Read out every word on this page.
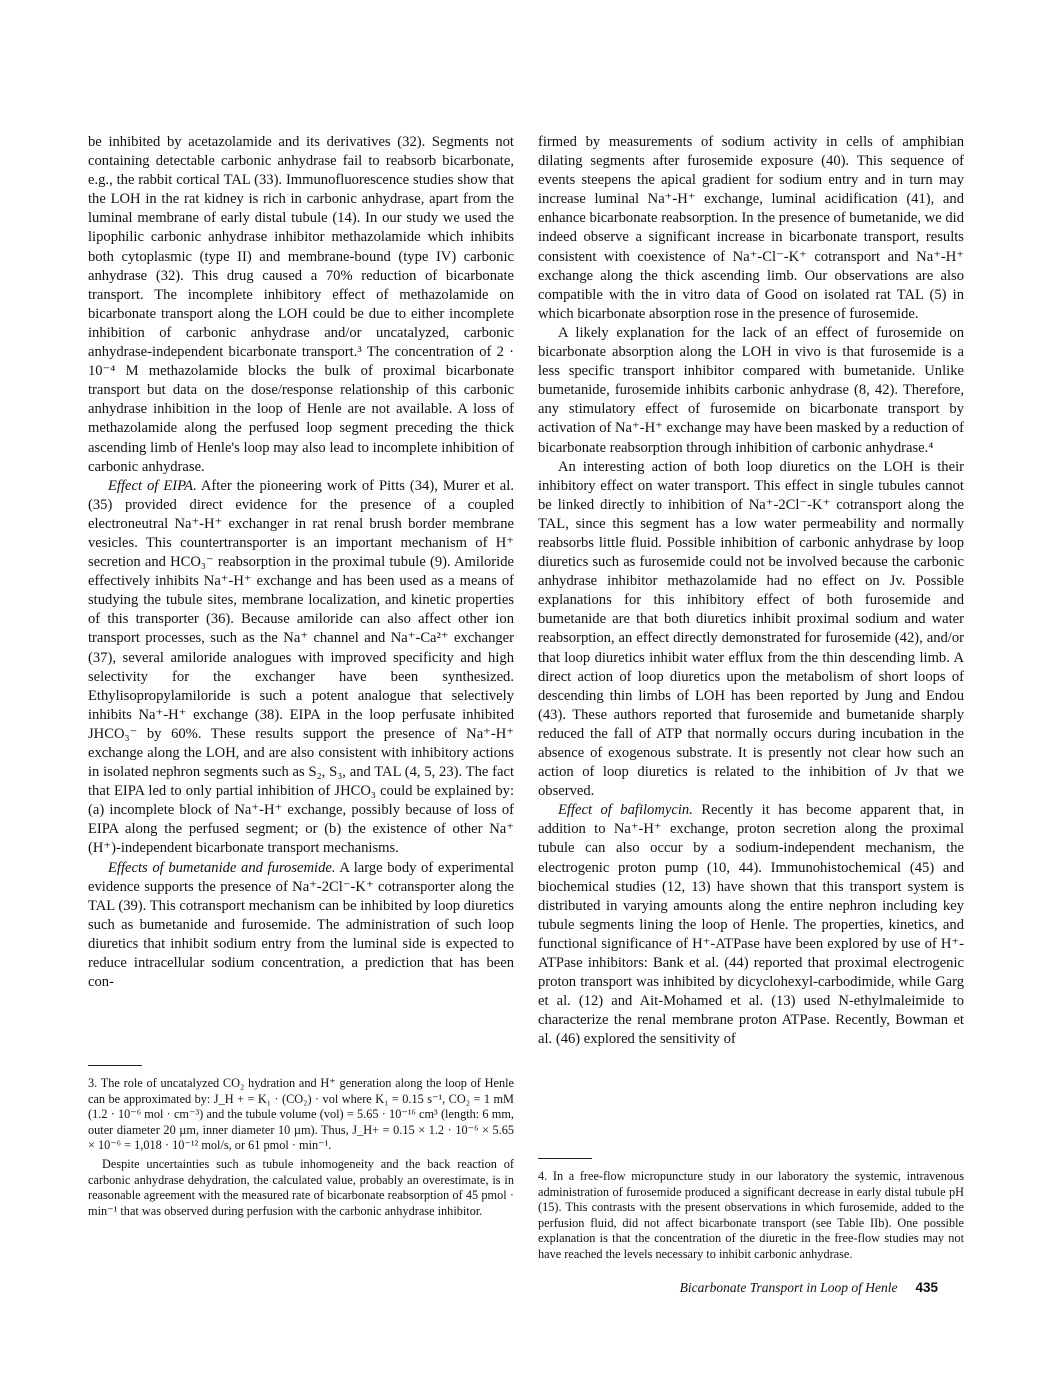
be inhibited by acetazolamide and its derivatives (32). Segments not containing detectable carbonic anhydrase fail to reabsorb bicarbonate, e.g., the rabbit cortical TAL (33). Immunofluorescence studies show that the LOH in the rat kidney is rich in carbonic anhydrase, apart from the luminal membrane of early distal tubule (14). In our study we used the lipophilic carbonic anhydrase inhibitor methazolamide which inhibits both cytoplasmic (type II) and membrane-bound (type IV) carbonic anhydrase (32). This drug caused a 70% reduction of bicarbonate transport. The incomplete inhibitory effect of methazolamide on bicarbonate transport along the LOH could be due to either incomplete inhibition of carbonic anhydrase and/or uncatalyzed, carbonic anhydrase-independent bicarbonate transport.³ The concentration of 2 · 10⁻⁴ M methazolamide blocks the bulk of proximal bicarbonate transport but data on the dose/response relationship of this carbonic anhydrase inhibition in the loop of Henle are not available. A loss of methazolamide along the perfused loop segment preceding the thick ascending limb of Henle's loop may also lead to incomplete inhibition of carbonic anhydrase.

Effect of EIPA. After the pioneering work of Pitts (34), Murer et al. (35) provided direct evidence for the presence of a coupled electroneutral Na⁺-H⁺ exchanger in rat renal brush border membrane vesicles. This countertransporter is an important mechanism of H⁺ secretion and HCO₃⁻ reabsorption in the proximal tubule (9). Amiloride effectively inhibits Na⁺-H⁺ exchange and has been used as a means of studying the tubule sites, membrane localization, and kinetic properties of this transporter (36). Because amiloride can also affect other ion transport processes, such as the Na⁺ channel and Na⁺-Ca²⁺ exchanger (37), several amiloride analogues with improved specificity and high selectivity for the exchanger have been synthesized. Ethylisopropylamiloride is such a potent analogue that selectively inhibits Na⁺-H⁺ exchange (38). EIPA in the loop perfusate inhibited JHCO₃⁻ by 60%. These results support the presence of Na⁺-H⁺ exchange along the LOH, and are also consistent with inhibitory actions in isolated nephron segments such as S₂, S₃, and TAL (4, 5, 23). The fact that EIPA led to only partial inhibition of JHCO₃ could be explained by: (a) incomplete block of Na⁺-H⁺ exchange, possibly because of loss of EIPA along the perfused segment; or (b) the existence of other Na⁺ (H⁺)-independent bicarbonate transport mechanisms.

Effects of bumetanide and furosemide. A large body of experimental evidence supports the presence of Na⁺-2Cl⁻-K⁺ cotransporter along the TAL (39). This cotransport mechanism can be inhibited by loop diuretics such as bumetanide and furosemide. The administration of such loop diuretics that inhibit sodium entry from the luminal side is expected to reduce intracellular sodium concentration, a prediction that has been con-

firmed by measurements of sodium activity in cells of amphibian dilating segments after furosemide exposure (40). This sequence of events steepens the apical gradient for sodium entry and in turn may increase luminal Na⁺-H⁺ exchange, luminal acidification (41), and enhance bicarbonate reabsorption. In the presence of bumetanide, we did indeed observe a significant increase in bicarbonate transport, results consistent with coexistence of Na⁺-Cl⁻-K⁺ cotransport and Na⁺-H⁺ exchange along the thick ascending limb. Our observations are also compatible with the in vitro data of Good on isolated rat TAL (5) in which bicarbonate absorption rose in the presence of furosemide.

A likely explanation for the lack of an effect of furosemide on bicarbonate absorption along the LOH in vivo is that furosemide is a less specific transport inhibitor compared with bumetanide. Unlike bumetanide, furosemide inhibits carbonic anhydrase (8, 42). Therefore, any stimulatory effect of furosemide on bicarbonate transport by activation of Na⁺-H⁺ exchange may have been masked by a reduction of bicarbonate reabsorption through inhibition of carbonic anhydrase.⁴

An interesting action of both loop diuretics on the LOH is their inhibitory effect on water transport. This effect in single tubules cannot be linked directly to inhibition of Na⁺-2Cl⁻-K⁺ cotransport along the TAL, since this segment has a low water permeability and normally reabsorbs little fluid. Possible inhibition of carbonic anhydrase by loop diuretics such as furosemide could not be involved because the carbonic anhydrase inhibitor methazolamide had no effect on Jv. Possible explanations for this inhibitory effect of both furosemide and bumetanide are that both diuretics inhibit proximal sodium and water reabsorption, an effect directly demonstrated for furosemide (42), and/or that loop diuretics inhibit water efflux from the thin descending limb. A direct action of loop diuretics upon the metabolism of short loops of descending thin limbs of LOH has been reported by Jung and Endou (43). These authors reported that furosemide and bumetanide sharply reduced the fall of ATP that normally occurs during incubation in the absence of exogenous substrate. It is presently not clear how such an action of loop diuretics is related to the inhibition of Jv that we observed.

Effect of bafilomycin. Recently it has become apparent that, in addition to Na⁺-H⁺ exchange, proton secretion along the proximal tubule can also occur by a sodium-independent mechanism, the electrogenic proton pump (10, 44). Immunohistochemical (45) and biochemical studies (12, 13) have shown that this transport system is distributed in varying amounts along the entire nephron including key tubule segments lining the loop of Henle. The properties, kinetics, and functional significance of H⁺-ATPase have been explored by use of H⁺-ATPase inhibitors: Bank et al. (44) reported that proximal electrogenic proton transport was inhibited by dicyclohexyl-carbodimide, while Garg et al. (12) and Ait-Mohamed et al. (13) used N-ethylmaleimide to characterize the renal membrane proton ATPase. Recently, Bowman et al. (46) explored the sensitivity of

3. The role of uncatalyzed CO₂ hydration and H⁺ generation along the loop of Henle can be approximated by: J_H + = K₁ · (CO₂) · vol where K₁ = 0.15 s⁻¹, CO₂ = 1 mM (1.2 · 10⁻⁶ mol · cm⁻³) and the tubule volume (vol) = 5.65 · 10⁻¹⁶ cm³ (length: 6 mm, outer diameter 20 µm, inner diameter 10 µm). Thus, J_H+ = 0.15 × 1.2 · 10⁻⁶ × 5.65 × 10⁻⁶ = 1,018 · 10⁻¹² mol/s, or 61 pmol · min⁻¹.

Despite uncertainties such as tubule inhomogeneity and the back reaction of carbonic anhydrase dehydration, the calculated value, probably an overestimate, is in reasonable agreement with the measured rate of bicarbonate reabsorption of 45 pmol · min⁻¹ that was observed during perfusion with the carbonic anhydrase inhibitor.

4. In a free-flow micropuncture study in our laboratory the systemic, intravenous administration of furosemide produced a significant decrease in early distal tubule pH (15). This contrasts with the present observations in which furosemide, added to the perfusion fluid, did not affect bicarbonate transport (see Table IIb). One possible explanation is that the concentration of the diuretic in the free-flow studies may not have reached the levels necessary to inhibit carbonic anhydrase.

Bicarbonate Transport in Loop of Henle 435
